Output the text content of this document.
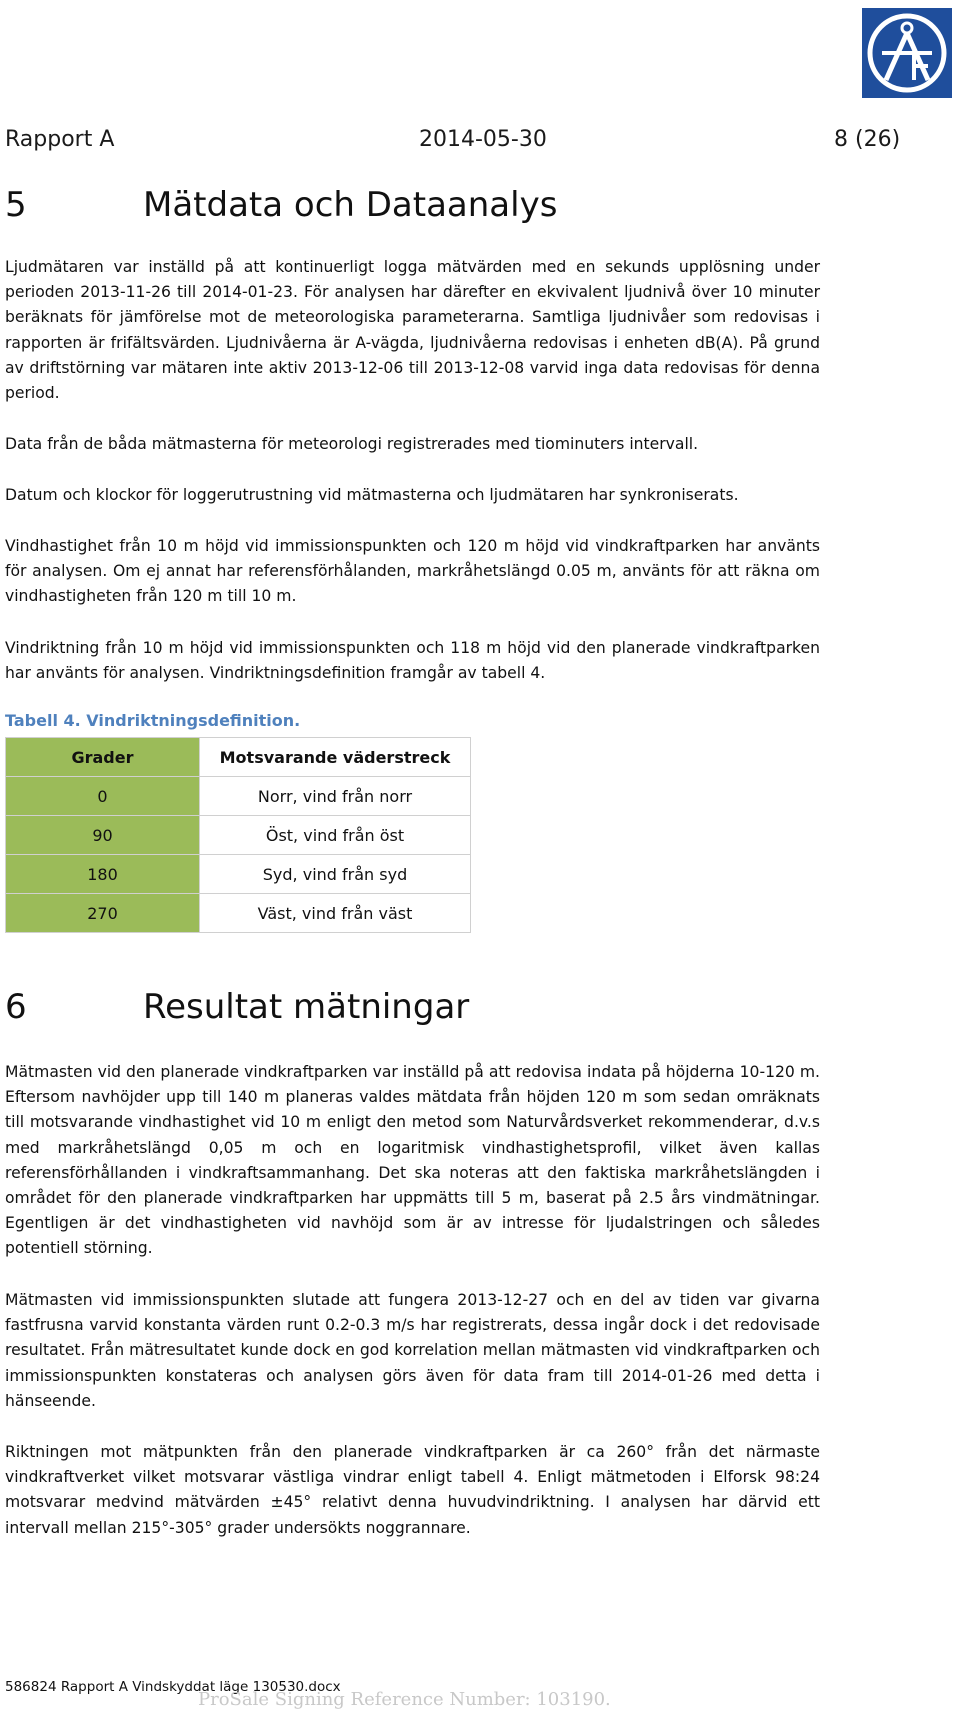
Rapport A	2014-05-30	8 (26)
5	Mätdata och Dataanalys

Ljudmätaren var inställd på att kontinuerligt logga mätvärden med en sekunds upplösning under perioden 2013-11-26 till 2014-01-23. För analysen har därefter en ekvivalent ljudnivå över 10 minuter beräknats för jämförelse mot de meteorologiska parameterarna. Samtliga ljudnivåer som redovisas i rapporten är frifältsvärden. Ljudnivåerna är A-vägda, ljudnivåerna redovisas i enheten dB(A). På grund av driftstörning var mätaren inte aktiv 2013-12-06 till 2013-12-08 varvid inga data redovisas för denna period.

Data från de båda mätmasterna för meteorologi registrerades med tiominuters intervall.

Datum och klockor för loggerutrustning vid mätmasterna och ljudmätaren har synkroniserats.

Vindhastighet från 10 m höjd vid immissionspunkten och 120 m höjd vid vindkraftparken har använts för analysen. Om ej annat har referensförhålanden, markråhetslängd 0.05 m, använts för att räkna om vindhastigheten från 120 m till 10 m.

Vindriktning från 10 m höjd vid immissionspunkten och 118 m höjd vid den planerade vindkraftparken har använts för analysen. Vindriktningsdefinition framgår av tabell 4.

Tabell 4. Vindriktningsdefinition.
Grader	Motsvarande väderstreck
0	Norr, vind från norr
90	Öst, vind från öst
180	Syd, vind från syd
270	Väst, vind från väst
6	Resultat mätningar

Mätmasten vid den planerade vindkraftparken var inställd på att redovisa indata på höjderna 10-120 m. Eftersom navhöjder upp till 140 m planeras valdes mätdata från höjden 120 m som sedan omräknats till motsvarande vindhastighet vid 10 m enligt den metod som Naturvårdsverket rekommenderar, d.v.s med markråhetslängd 0,05 m och en logaritmisk vindhastighetsprofil, vilket även kallas referensförhållanden i vindkraftsammanhang. Det ska noteras att den faktiska markråhetslängden i området för den planerade vindkraftparken har uppmätts till 5 m, baserat på 2.5 års vindmätningar. Egentligen är det vindhastigheten vid navhöjd som är av intresse för ljudalstringen och således potentiell störning.

Mätmasten vid immissionspunkten slutade att fungera 2013-12-27 och en del av tiden var givarna fastfrusna varvid konstanta värden runt 0.2-0.3 m/s har registrerats, dessa ingår dock i det redovisade resultatet. Från mätresultatet kunde dock en god korrelation mellan mätmasten vid vindkraftparken och immissionspunkten konstateras och analysen görs även för data fram till 2014-01-26 med detta i hänseende.

Riktningen mot mätpunkten från den planerade vindkraftparken är ca 260° från det närmaste vindkraftverket vilket motsvarar västliga vindrar enligt tabell 4. Enligt mätmetoden i Elforsk 98:24 motsvarar medvind mätvärden ±45° relativt denna huvudvindriktning. I analysen har därvid ett intervall mellan 215°-305° grader undersökts noggrannare.

586824 Rapport A Vindskyddat läge 130530.docx
ProSale Signing Reference Number: 103190.
